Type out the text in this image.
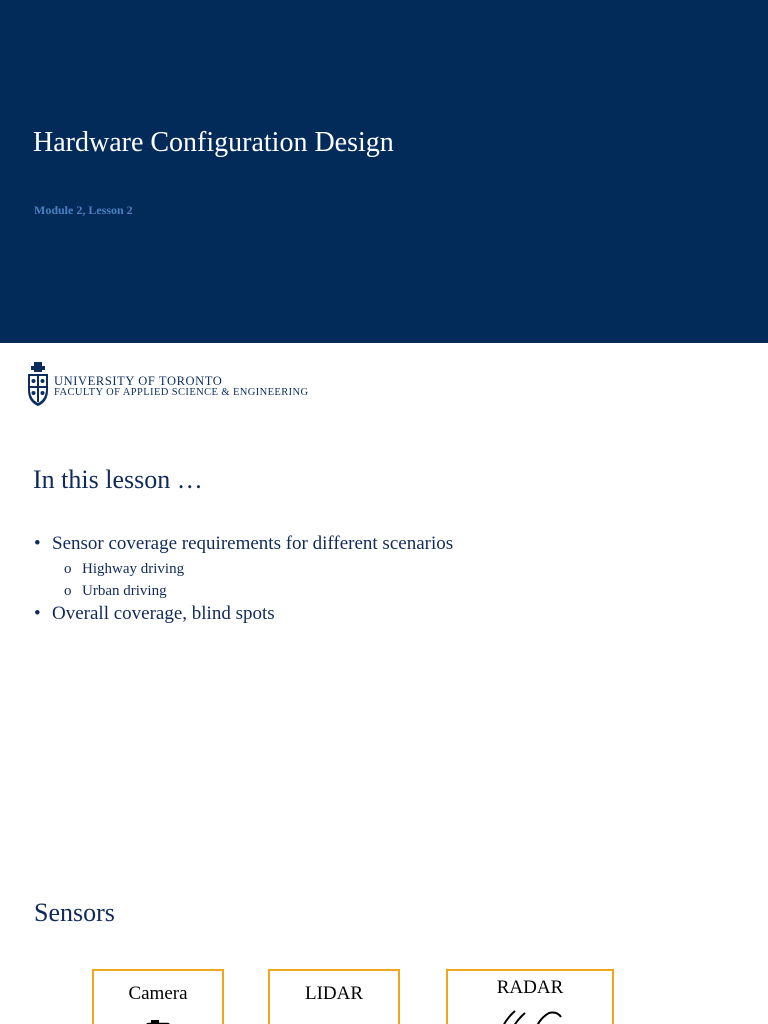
Hardware Configuration Design
Module 2, Lesson 2
UNIVERSITY OF TORONTO
FACULTY OF APPLIED SCIENCE & ENGINEERING
In this lesson …
• Sensor coverage requirements for different scenarios
o Highway driving
o Urban driving
• Overall coverage, blind spots
Sensors
Camera	LIDAR	RADAR
